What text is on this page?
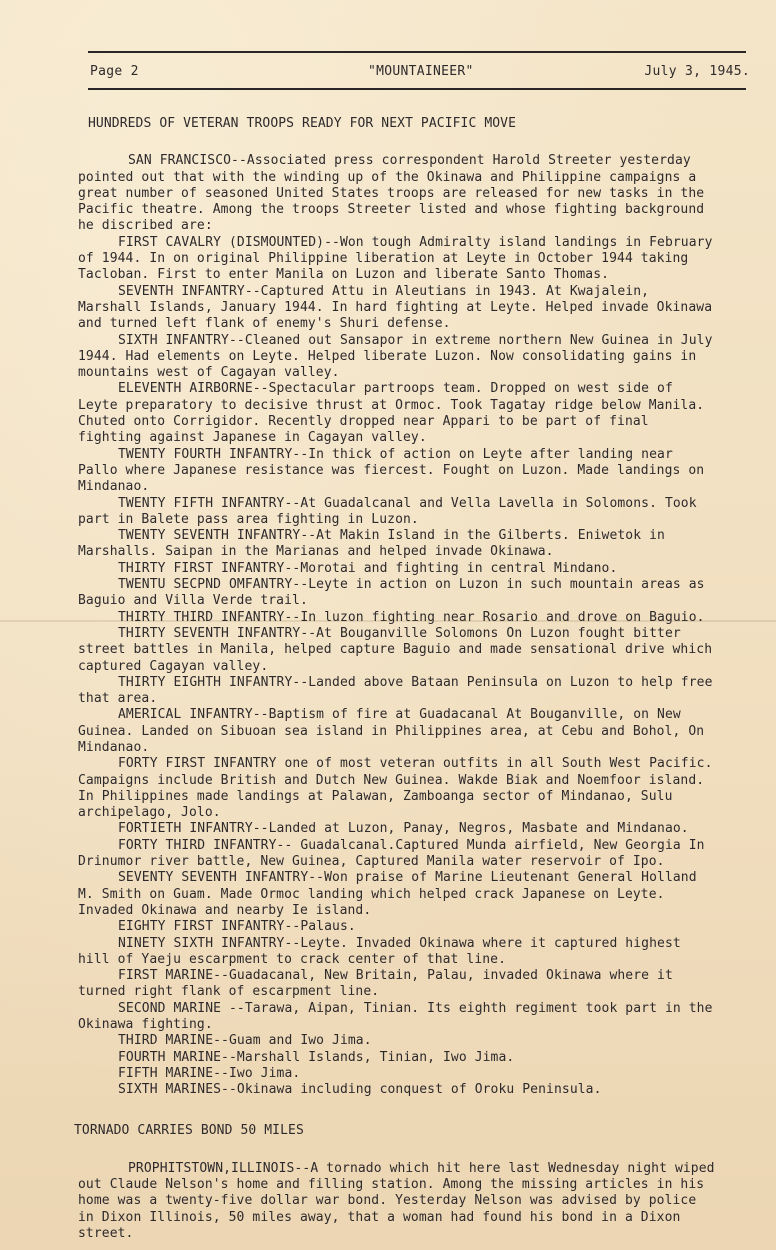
Page 2	"MOUNTAINEER"	July 3, 1945.
HUNDREDS OF VETERAN TROOPS READY FOR NEXT PACIFIC MOVE

SAN FRANCISCO--Associated press correspondent Harold Streeter yesterday pointed out that with the winding up of the Okinawa and Philippine campaigns a great number of seasoned United States troops are released for new tasks in the Pacific theatre. Among the troops Streeter listed and whose fighting background he discribed are:

FIRST CAVALRY (DISMOUNTED)--Won tough Admiralty island landings in February of 1944. In on original Philippine liberation at Leyte in October 1944 taking Tacloban. First to enter Manila on Luzon and liberate Santo Thomas.

SEVENTH INFANTRY--Captured Attu in Aleutians in 1943. At Kwajalein, Marshall Islands, January 1944. In hard fighting at Leyte. Helped invade Okinawa and turned left flank of enemy's Shuri defense.

SIXTH INFANTRY--Cleaned out Sansapor in extreme northern New Guinea in July 1944. Had elements on Leyte. Helped liberate Luzon. Now consolidating gains in mountains west of Cagayan valley.

ELEVENTH AIRBORNE--Spectacular partroops team. Dropped on west side of Leyte preparatory to decisive thrust at Ormoc. Took Tagatay ridge below Manila. Chuted onto Corrigidor. Recently dropped near Appari to be part of final fighting against Japanese in Cagayan valley.

TWENTY FOURTH INFANTRY--In thick of action on Leyte after landing near Pallo where Japanese resistance was fiercest. Fought on Luzon. Made landings on Mindanao.

TWENTY FIFTH INFANTRY--At Guadalcanal and Vella Lavella in Solomons. Took part in Balete pass area fighting in Luzon.

TWENTY SEVENTH INFANTRY--At Makin Island in the Gilberts. Eniwetok in Marshalls. Saipan in the Marianas and helped invade Okinawa.

THIRTY FIRST INFANTRY--Morotai and fighting in central Mindano.

TWENTU SECPND OMFANTRY--Leyte in action on Luzon in such mountain areas as Baguio and Villa Verde trail.

THIRTY THIRD INFANTRY--In luzon fighting near Rosario and drove on Baguio.

THIRTY SEVENTH INFANTRY--At Bouganville Solomons On Luzon fought bitter street battles in Manila, helped capture Baguio and made sensational drive which captured Cagayan valley.

THIRTY EIGHTH INFANTRY--Landed above Bataan Peninsula on Luzon to help free that area.

AMERICAL INFANTRY--Baptism of fire at Guadacanal At Bouganville, on New Guinea. Landed on Sibuoan sea island in Philippines area, at Cebu and Bohol, On Mindanao.

FORTY FIRST INFANTRY one of most veteran outfits in all South West Pacific. Campaigns include British and Dutch New Guinea. Wakde Biak and Noemfoor island. In Philippines made landings at Palawan, Zamboanga sector of Mindanao, Sulu archipelago, Jolo.

FORTIETH INFANTRY--Landed at Luzon, Panay, Negros, Masbate and Mindanao.

FORTY THIRD INFANTRY-- Guadalcanal.Captured Munda airfield, New Georgia In Drinumor river battle, New Guinea, Captured Manila water reservoir of Ipo.

SEVENTY SEVENTH INFANTRY--Won praise of Marine Lieutenant General Holland M. Smith on Guam. Made Ormoc landing which helped crack Japanese on Leyte. Invaded Okinawa and nearby Ie island.

EIGHTY FIRST INFANTRY--Palaus.

NINETY SIXTH INFANTRY--Leyte. Invaded Okinawa where it captured highest hill of Yaeju escarpment to crack center of that line.

FIRST MARINE--Guadacanal, New Britain, Palau, invaded Okinawa where it turned right flank of escarpment line.

SECOND MARINE --Tarawa, Aipan, Tinian. Its eighth regiment took part in the Okinawa fighting.

THIRD MARINE--Guam and Iwo Jima.

FOURTH MARINE--Marshall Islands, Tinian, Iwo Jima.

FIFTH MARINE--Iwo Jima.

SIXTH MARINES--Okinawa including conquest of Oroku Peninsula.

TORNADO CARRIES BOND 50 MILES

PROPHITSTOWN,ILLINOIS--A tornado which hit here last Wednesday night wiped out Claude Nelson's home and filling station. Among the missing articles in his home was a twenty-five dollar war bond. Yesterday Nelson was advised by police in Dixon Illinois, 50 miles away, that a woman had found his bond in a Dixon street.
